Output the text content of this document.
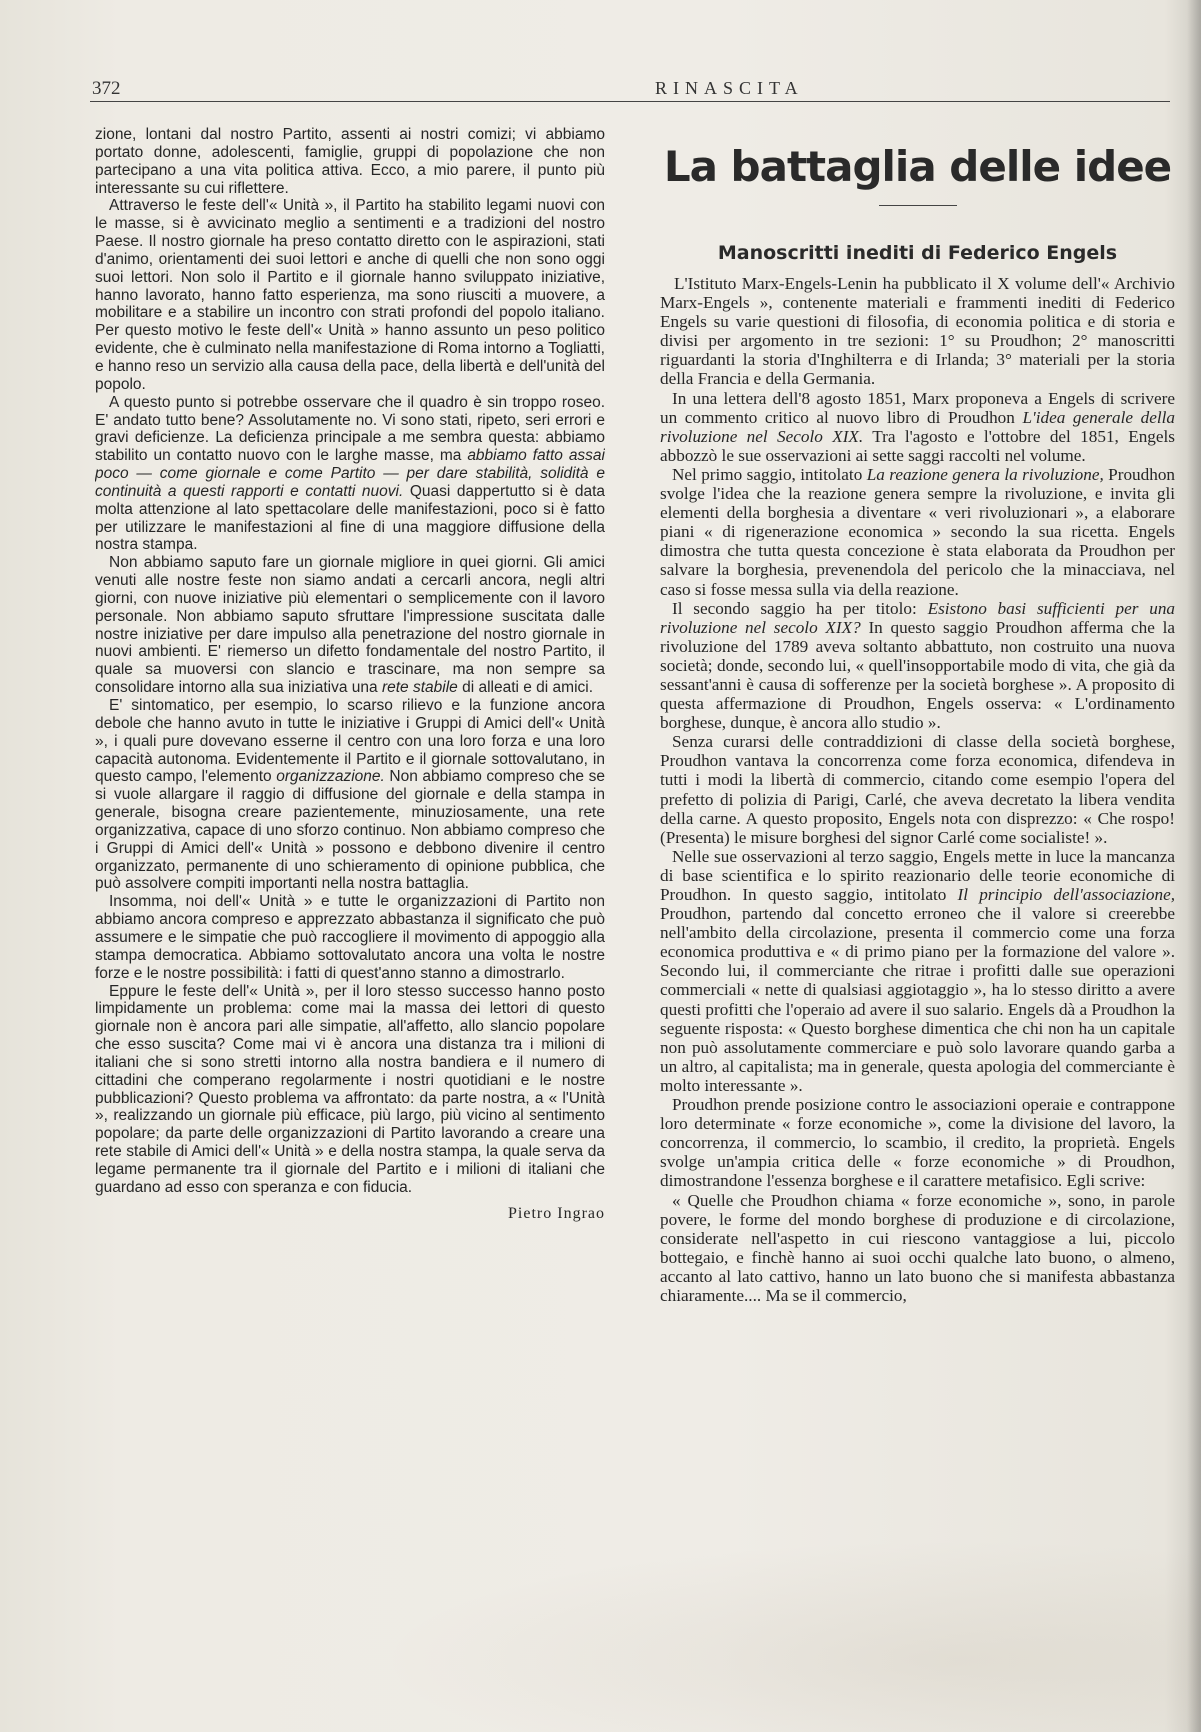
372	RINASCITA

zione, lontani dal nostro Partito, assenti ai nostri comizi; vi abbiamo portato donne, adolescenti, famiglie, gruppi di popolazione che non partecipano a una vita politica attiva. Ecco, a mio parere, il punto più interessante su cui riflettere.

Attraverso le feste dell'« Unità », il Partito ha stabilito legami nuovi con le masse, si è avvicinato meglio a sentimenti e a tradizioni del nostro Paese. Il nostro giornale ha preso contatto diretto con le aspirazioni, stati d'animo, orientamenti dei suoi lettori e anche di quelli che non sono oggi suoi lettori. Non solo il Partito e il giornale hanno sviluppato iniziative, hanno lavorato, hanno fatto esperienza, ma sono riusciti a muovere, a mobilitare e a stabilire un incontro con strati profondi del popolo italiano. Per questo motivo le feste dell'« Unità » hanno assunto un peso politico evidente, che è culminato nella manifestazione di Roma intorno a Togliatti, e hanno reso un servizio alla causa della pace, della libertà e dell'unità del popolo.

A questo punto si potrebbe osservare che il quadro è sin troppo roseo. E' andato tutto bene? Assolutamente no. Vi sono stati, ripeto, seri errori e gravi deficienze. La deficienza principale a me sembra questa: abbiamo stabilito un contatto nuovo con le larghe masse, ma abbiamo fatto assai poco — come giornale e come Partito — per dare stabilità, solidità e continuità a questi rapporti e contatti nuovi. Quasi dappertutto si è data molta attenzione al lato spettacolare delle manifestazioni, poco si è fatto per utilizzare le manifestazioni al fine di una maggiore diffusione della nostra stampa.

Non abbiamo saputo fare un giornale migliore in quei giorni. Gli amici venuti alle nostre feste non siamo andati a cercarli ancora, negli altri giorni, con nuove iniziative più elementari o semplicemente con il lavoro personale. Non abbiamo saputo sfruttare l'impressione suscitata dalle nostre iniziative per dare impulso alla penetrazione del nostro giornale in nuovi ambienti. E' riemerso un difetto fondamentale del nostro Partito, il quale sa muoversi con slancio e trascinare, ma non sempre sa consolidare intorno alla sua iniziativa una rete stabile di alleati e di amici.

E' sintomatico, per esempio, lo scarso rilievo e la funzione ancora debole che hanno avuto in tutte le iniziative i Gruppi di Amici dell'« Unità », i quali pure dovevano esserne il centro con una loro forza e una loro capacità autonoma. Evidentemente il Partito e il giornale sottovalutano, in questo campo, l'elemento organizzazione. Non abbiamo compreso che se si vuole allargare il raggio di diffusione del giornale e della stampa in generale, bisogna creare pazientemente, minuziosamente, una rete organizzativa, capace di uno sforzo continuo. Non abbiamo compreso che i Gruppi di Amici dell'« Unità » possono e debbono divenire il centro organizzato, permanente di uno schieramento di opinione pubblica, che può assolvere compiti importanti nella nostra battaglia.

Insomma, noi dell'« Unità » e tutte le organizzazioni di Partito non abbiamo ancora compreso e apprezzato abbastanza il significato che può assumere e le simpatie che può raccogliere il movimento di appoggio alla stampa democratica. Abbiamo sottovalutato ancora una volta le nostre forze e le nostre possibilità: i fatti di quest'anno stanno a dimostrarlo.

Eppure le feste dell'« Unità », per il loro stesso successo hanno posto limpidamente un problema: come mai la massa dei lettori di questo giornale non è ancora pari alle simpatie, all'affetto, allo slancio popolare che esso suscita? Come mai vi è ancora una distanza tra i milioni di italiani che si sono stretti intorno alla nostra bandiera e il numero di cittadini che comperano regolarmente i nostri quotidiani e le nostre pubblicazioni? Questo problema va affrontato: da parte nostra, a « l'Unità », realizzando un giornale più efficace, più largo, più vicino al sentimento popolare; da parte delle organizzazioni di Partito lavorando a creare una rete stabile di Amici dell'« Unità » e della nostra stampa, la quale serva da legame permanente tra il giornale del Partito e i milioni di italiani che guardano ad esso con speranza e con fiducia.

Pietro Ingrao
La battaglia delle idee
Manoscritti inediti di Federico Engels

L'Istituto Marx-Engels-Lenin ha pubblicato il X volume dell'« Archivio Marx-Engels », contenente materiali e frammenti inediti di Federico Engels su varie questioni di filosofia, di economia politica e di storia e divisi per argomento in tre sezioni: 1° su Proudhon; 2° manoscritti riguardanti la storia d'Inghilterra e di Irlanda; 3° materiali per la storia della Francia e della Germania.

In una lettera dell'8 agosto 1851, Marx proponeva a Engels di scrivere un commento critico al nuovo libro di Proudhon L'idea generale della rivoluzione nel Secolo XIX. Tra l'agosto e l'ottobre del 1851, Engels abbozzò le sue osservazioni ai sette saggi raccolti nel volume.

Nel primo saggio, intitolato La reazione genera la rivoluzione, Proudhon svolge l'idea che la reazione genera sempre la rivoluzione, e invita gli elementi della borghesia a diventare « veri rivoluzionari », a elaborare piani « di rigenerazione economica » secondo la sua ricetta. Engels dimostra che tutta questa concezione è stata elaborata da Proudhon per salvare la borghesia, prevenendola del pericolo che la minacciava, nel caso si fosse messa sulla via della reazione.

Il secondo saggio ha per titolo: Esistono basi sufficienti per una rivoluzione nel secolo XIX? In questo saggio Proudhon afferma che la rivoluzione del 1789 aveva soltanto abbattuto, non costruito una nuova società; donde, secondo lui, « quell'insopportabile modo di vita, che già da sessant'anni è causa di sofferenze per la società borghese ». A proposito di questa affermazione di Proudhon, Engels osserva: « L'ordinamento borghese, dunque, è ancora allo studio ».

Senza curarsi delle contraddizioni di classe della società borghese, Proudhon vantava la concorrenza come forza economica, difendeva in tutti i modi la libertà di commercio, citando come esempio l'opera del prefetto di polizia di Parigi, Carlé, che aveva decretato la libera vendita della carne. A questo proposito, Engels nota con disprezzo: « Che rospo! (Presenta) le misure borghesi del signor Carlé come socialiste! ».

Nelle sue osservazioni al terzo saggio, Engels mette in luce la mancanza di base scientifica e lo spirito reazionario delle teorie economiche di Proudhon. In questo saggio, intitolato Il principio dell'associazione, Proudhon, partendo dal concetto erroneo che il valore si creerebbe nell'ambito della circolazione, presenta il commercio come una forza economica produttiva e « di primo piano per la formazione del valore ». Secondo lui, il commerciante che ritrae i profitti dalle sue operazioni commerciali « nette di qualsiasi aggiotaggio », ha lo stesso diritto a avere questi profitti che l'operaio ad avere il suo salario. Engels dà a Proudhon la seguente risposta: « Questo borghese dimentica che chi non ha un capitale non può assolutamente commerciare e può solo lavorare quando garba a un altro, al capitalista; ma in generale, questa apologia del commerciante è molto interessante ».

Proudhon prende posizione contro le associazioni operaie e contrappone loro determinate « forze economiche », come la divisione del lavoro, la concorrenza, il commercio, lo scambio, il credito, la proprietà. Engels svolge un'ampia critica delle « forze economiche » di Proudhon, dimostrandone l'essenza borghese e il carattere metafisico. Egli scrive:

« Quelle che Proudhon chiama « forze economiche », sono, in parole povere, le forme del mondo borghese di produzione e di circolazione, considerate nell'aspetto in cui riescono vantaggiose a lui, piccolo bottegaio, e finchè hanno ai suoi occhi qualche lato buono, o almeno, accanto al lato cattivo, hanno un lato buono che si manifesta abbastanza chiaramente.... Ma se il commercio,
